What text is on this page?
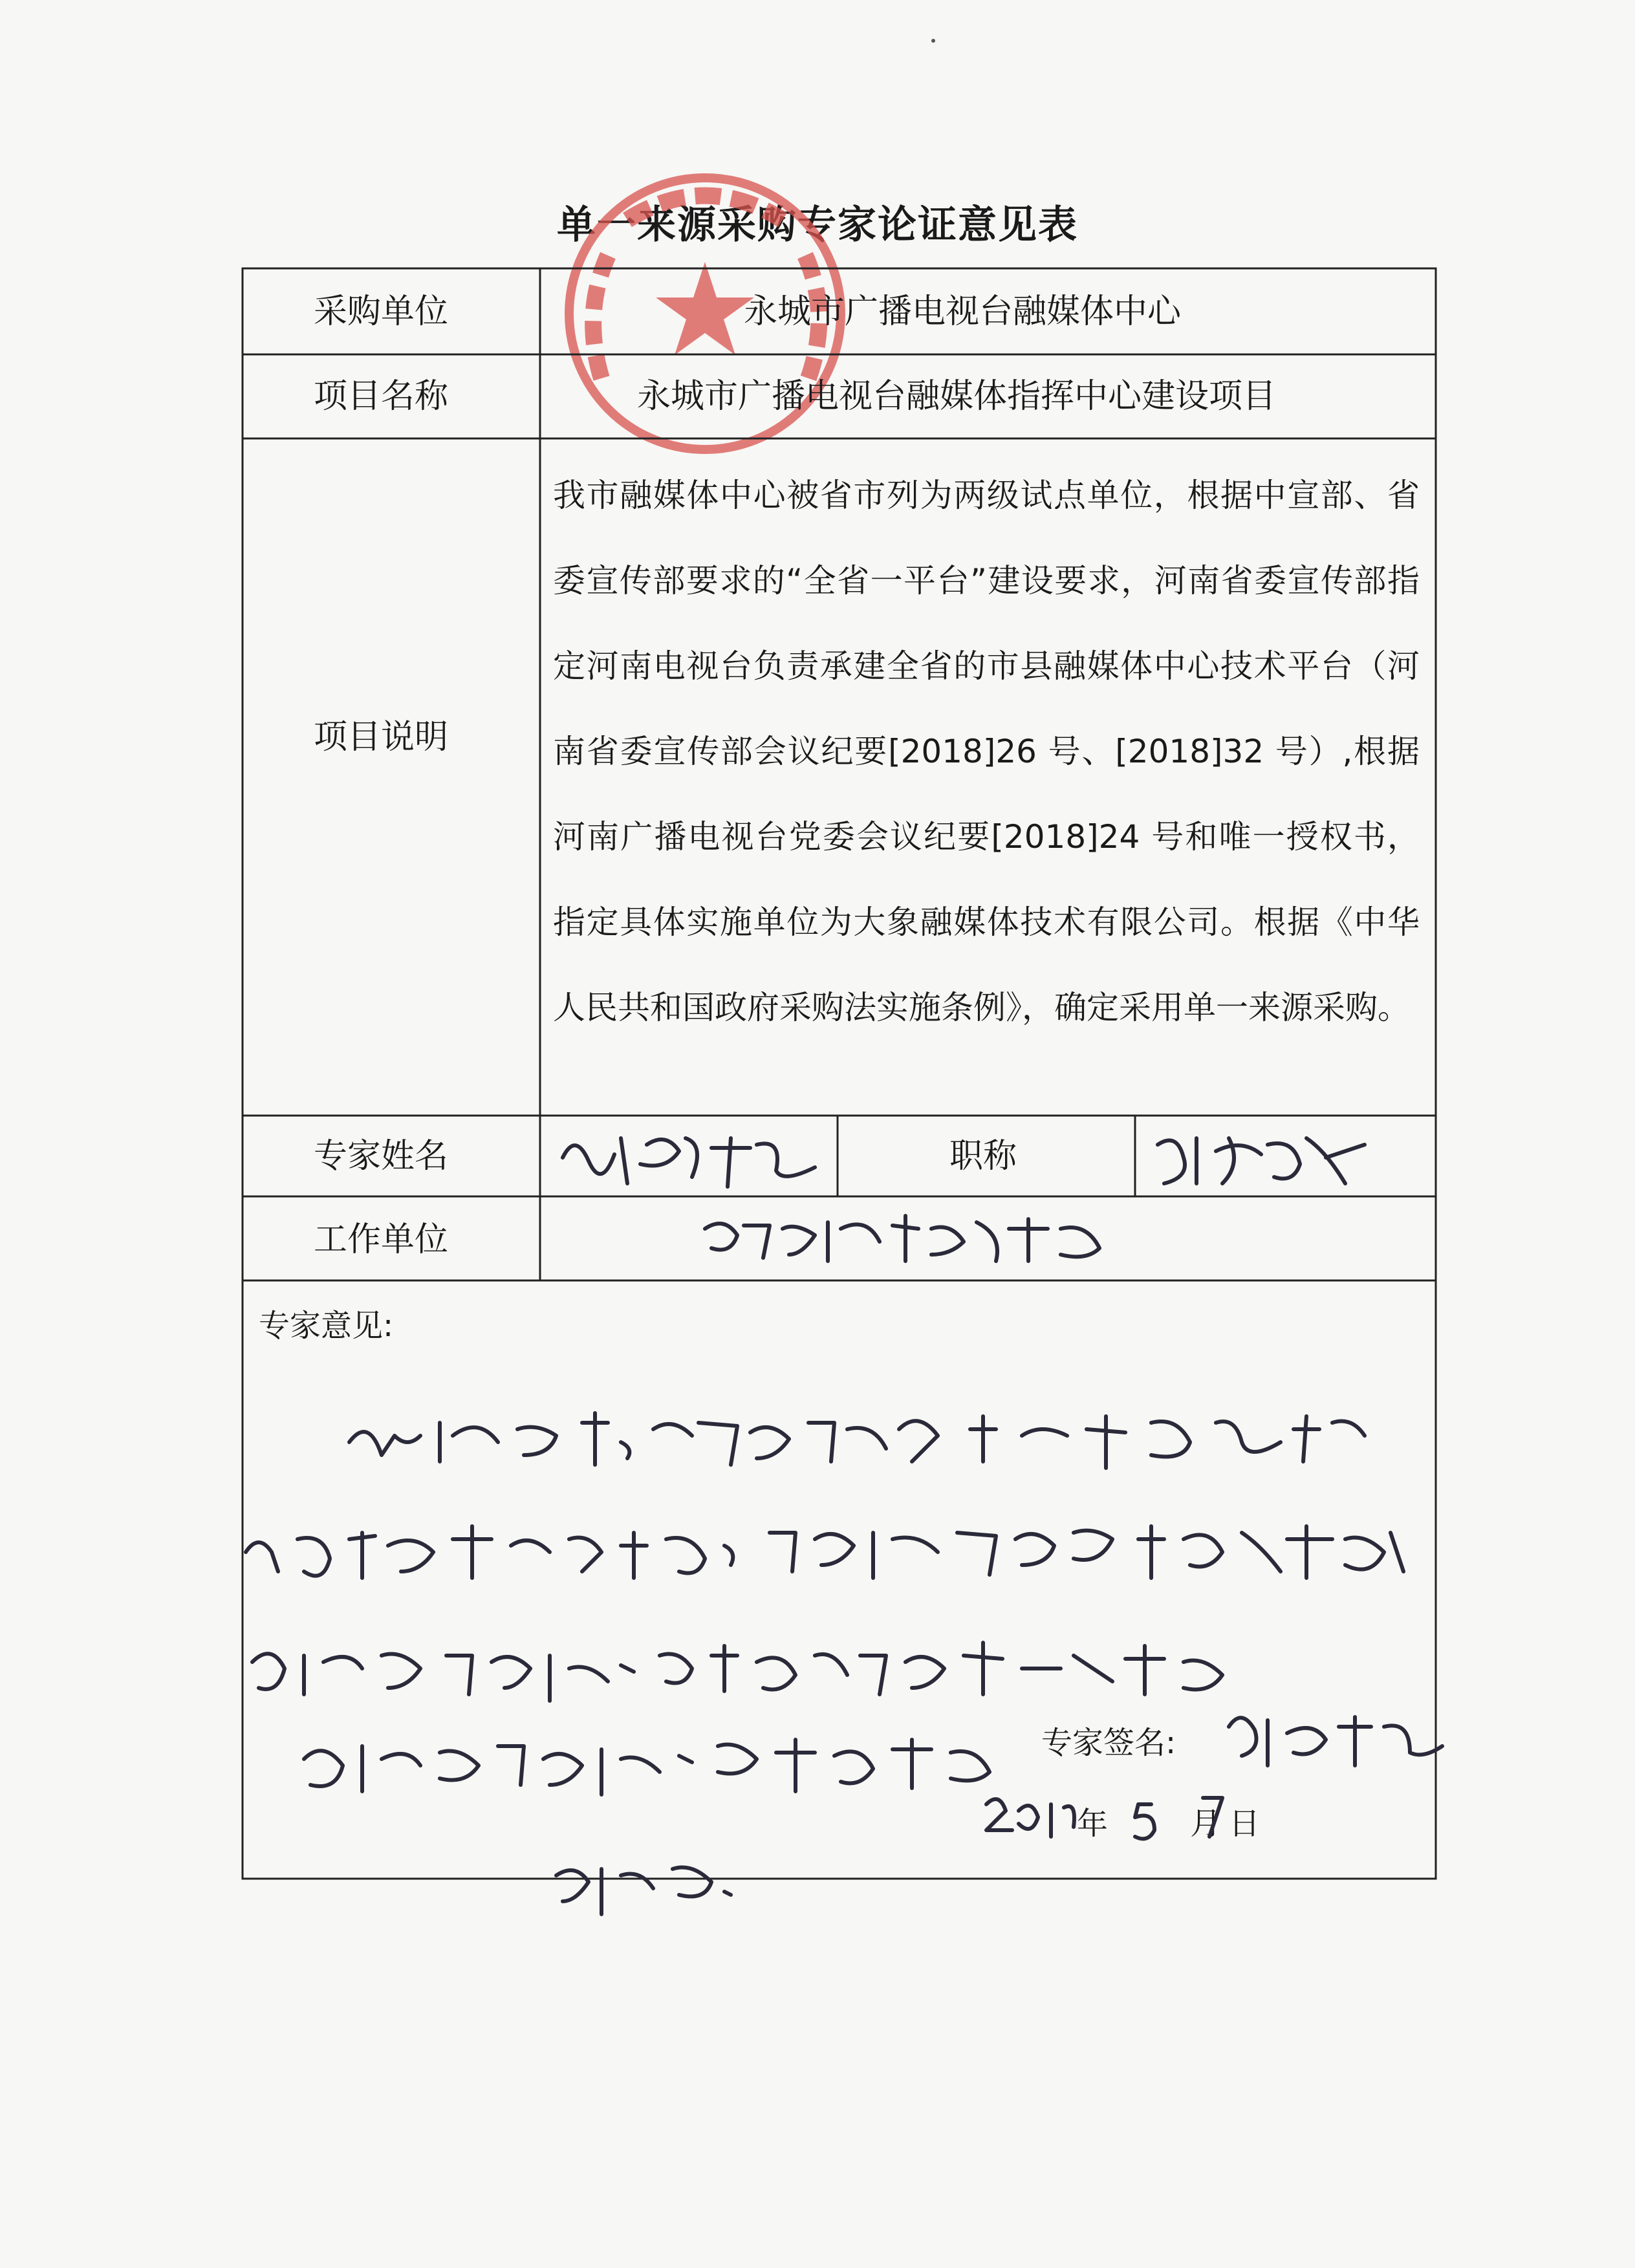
单一来源采购专家论证意见表
采购单位	永城市广播电视台融媒体中心
项目名称	永城市广播电视台融媒体指挥中心建设项目
项目说明
我市融媒体中心被省市列为两级试点单位，根据中宣部、省委宣传部要求的“全省一平台”建设要求，河南省委宣传部指定河南电视台负责承建全省的市县融媒体中心技术平台（河南省委宣传部会议纪要[2018]26 号、[2018]32 号）,根据河南广播电视台党委会议纪要[2018]24 号和唯一授权书，指定具体实施单位为大象融媒体技术有限公司。根据《中华人民共和国政府采购法实施条例》，确定采用单一来源采购。
专家姓名	职称
工作单位
专家意见:
专家签名:
年	月 日
